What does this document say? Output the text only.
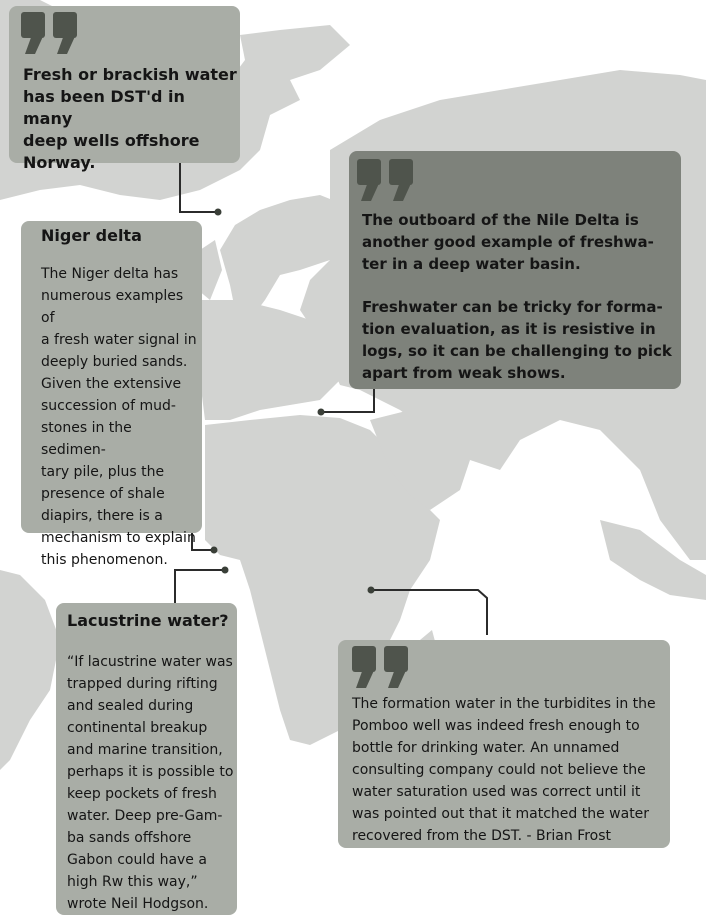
Fresh or brackish water
has been DST'd in many
deep wells offshore
Norway.
The outboard of the Nile Delta is
another good example of freshwa-
ter in a deep water basin.
Freshwater can be tricky for forma-
tion evaluation, as it is resistive in
logs, so it can be challenging to pick
apart from weak shows.
Niger delta
The Niger delta has
numerous examples of
a fresh water signal in
deeply buried sands.
Given the extensive
succession of mud-
stones in the sedimen-
tary pile, plus the
presence of shale
diapirs, there is a
mechanism to explain
this phenomenon.
Lacustrine water?
“If lacustrine water was
trapped during rifting
and sealed during
continental breakup
and marine transition,
perhaps it is possible to
keep pockets of fresh
water. Deep pre-Gam-
ba sands offshore
Gabon could have a
high Rw this way,”
wrote Neil Hodgson.
The formation water in the turbidites in the
Pomboo well was indeed fresh enough to
bottle for drinking water. An unnamed
consulting company could not believe the
water saturation used was correct until it
was pointed out that it matched the water
recovered from the DST. - Brian Frost
